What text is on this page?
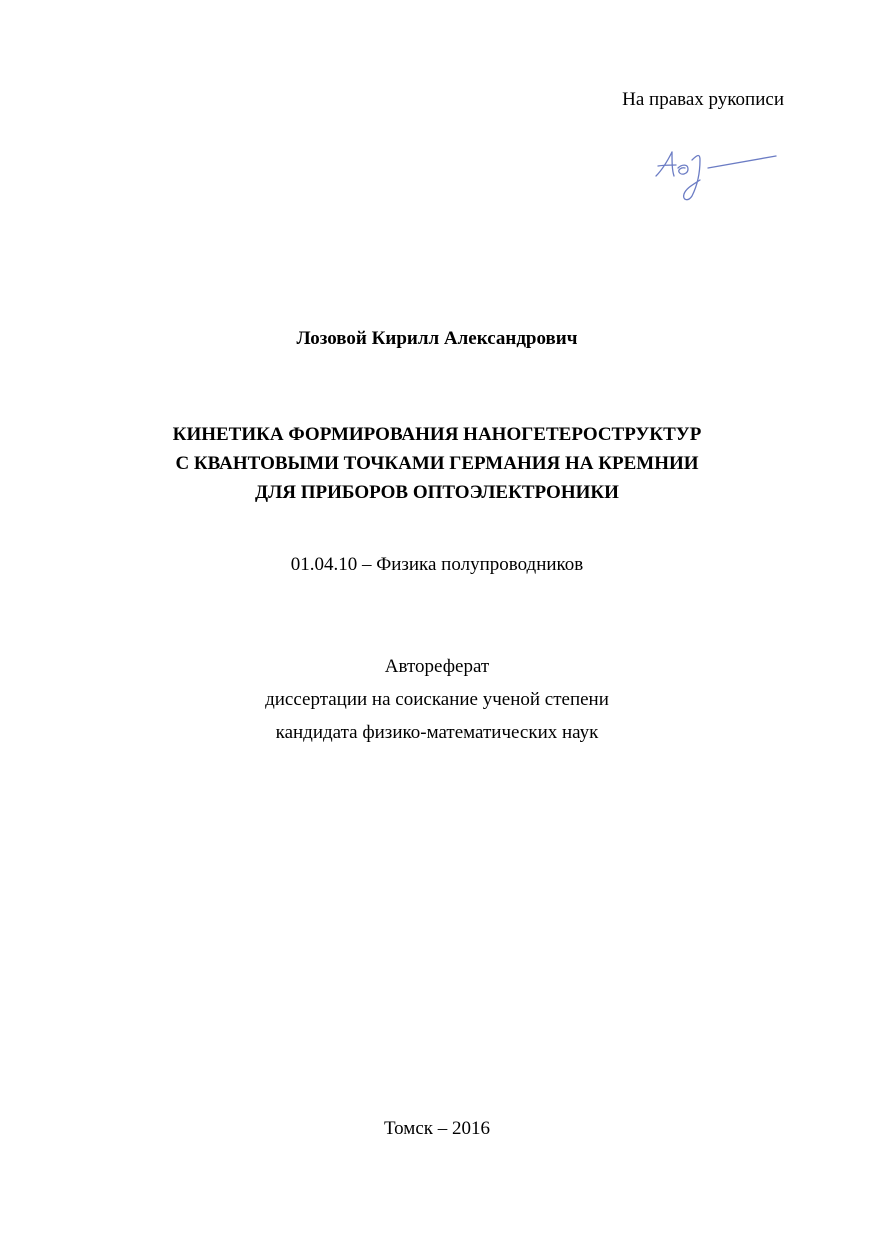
На правах рукописи
Лозовой Кирилл Александрович
КИНЕТИКА ФОРМИРОВАНИЯ НАНОГЕТЕРОСТРУКТУР
С КВАНТОВЫМИ ТОЧКАМИ ГЕРМАНИЯ НА КРЕМНИИ
ДЛЯ ПРИБОРОВ ОПТОЭЛЕКТРОНИКИ
01.04.10 – Физика полупроводников
Автореферат
диссертации на соискание ученой степени
кандидата физико-математических наук
Томск – 2016
